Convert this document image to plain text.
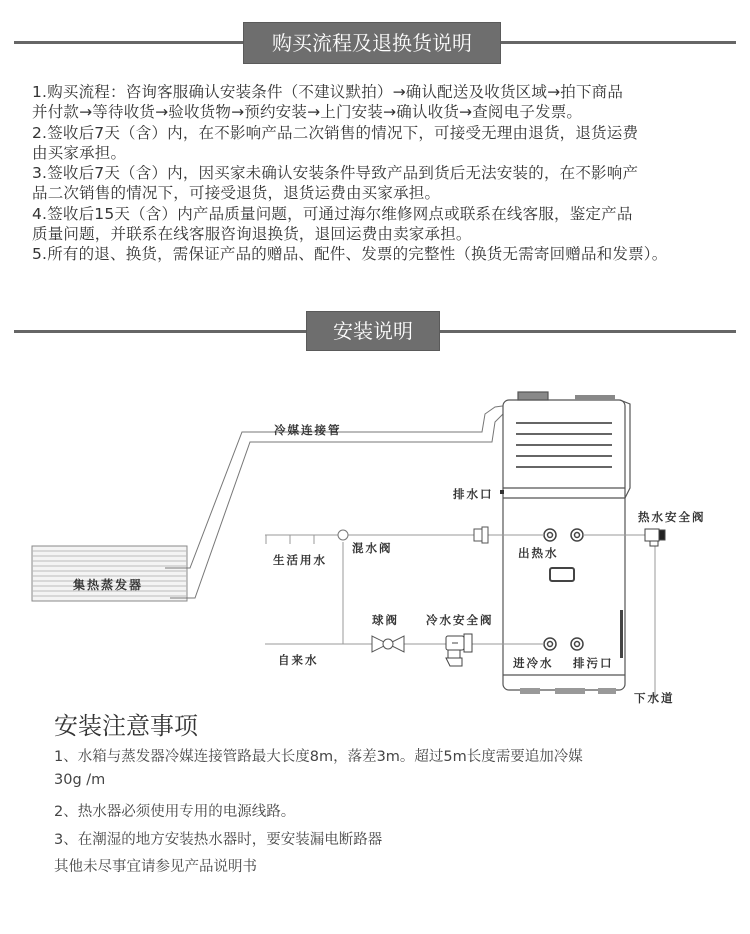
购买流程及退换货说明

1.购买流程：咨询客服确认安装条件（不建议默拍）→确认配送及收货区域→拍下商品

并付款→等待收货→验收货物→预约安装→上门安装→确认收货→查阅电子发票。

2.签收后7天（含）内，在不影响产品二次销售的情况下，可接受无理由退货，退货运费

由买家承担。

3.签收后7天（含）内，因买家未确认安装条件导致产品到货后无法安装的，在不影响产

品二次销售的情况下，可接受退货，退货运费由买家承担。

4.签收后15天（含）内产品质量问题，可通过海尔维修网点或联系在线客服，鉴定产品

质量问题，并联系在线客服咨询退换货，退回运费由卖家承担。

5.所有的退、换货，需保证产品的赠品、配件、发票的完整性（换货无需寄回赠品和发票）。

安装说明
冷媒连接管
集热蒸发器
排水口
热水安全阀
混水阀
生活用水	出热水
球阀 冷水安全阀
自来水	进冷水 排污口
下水道
安装注意事项
1、水箱与蒸发器冷媒连接管路最大长度8m，落差3m。超过5m长度需要追加冷媒
30g /m
2、热水器必须使用专用的电源线路。
3、在潮湿的地方安装热水器时，要安装漏电断路器
其他未尽事宜请参见产品说明书
